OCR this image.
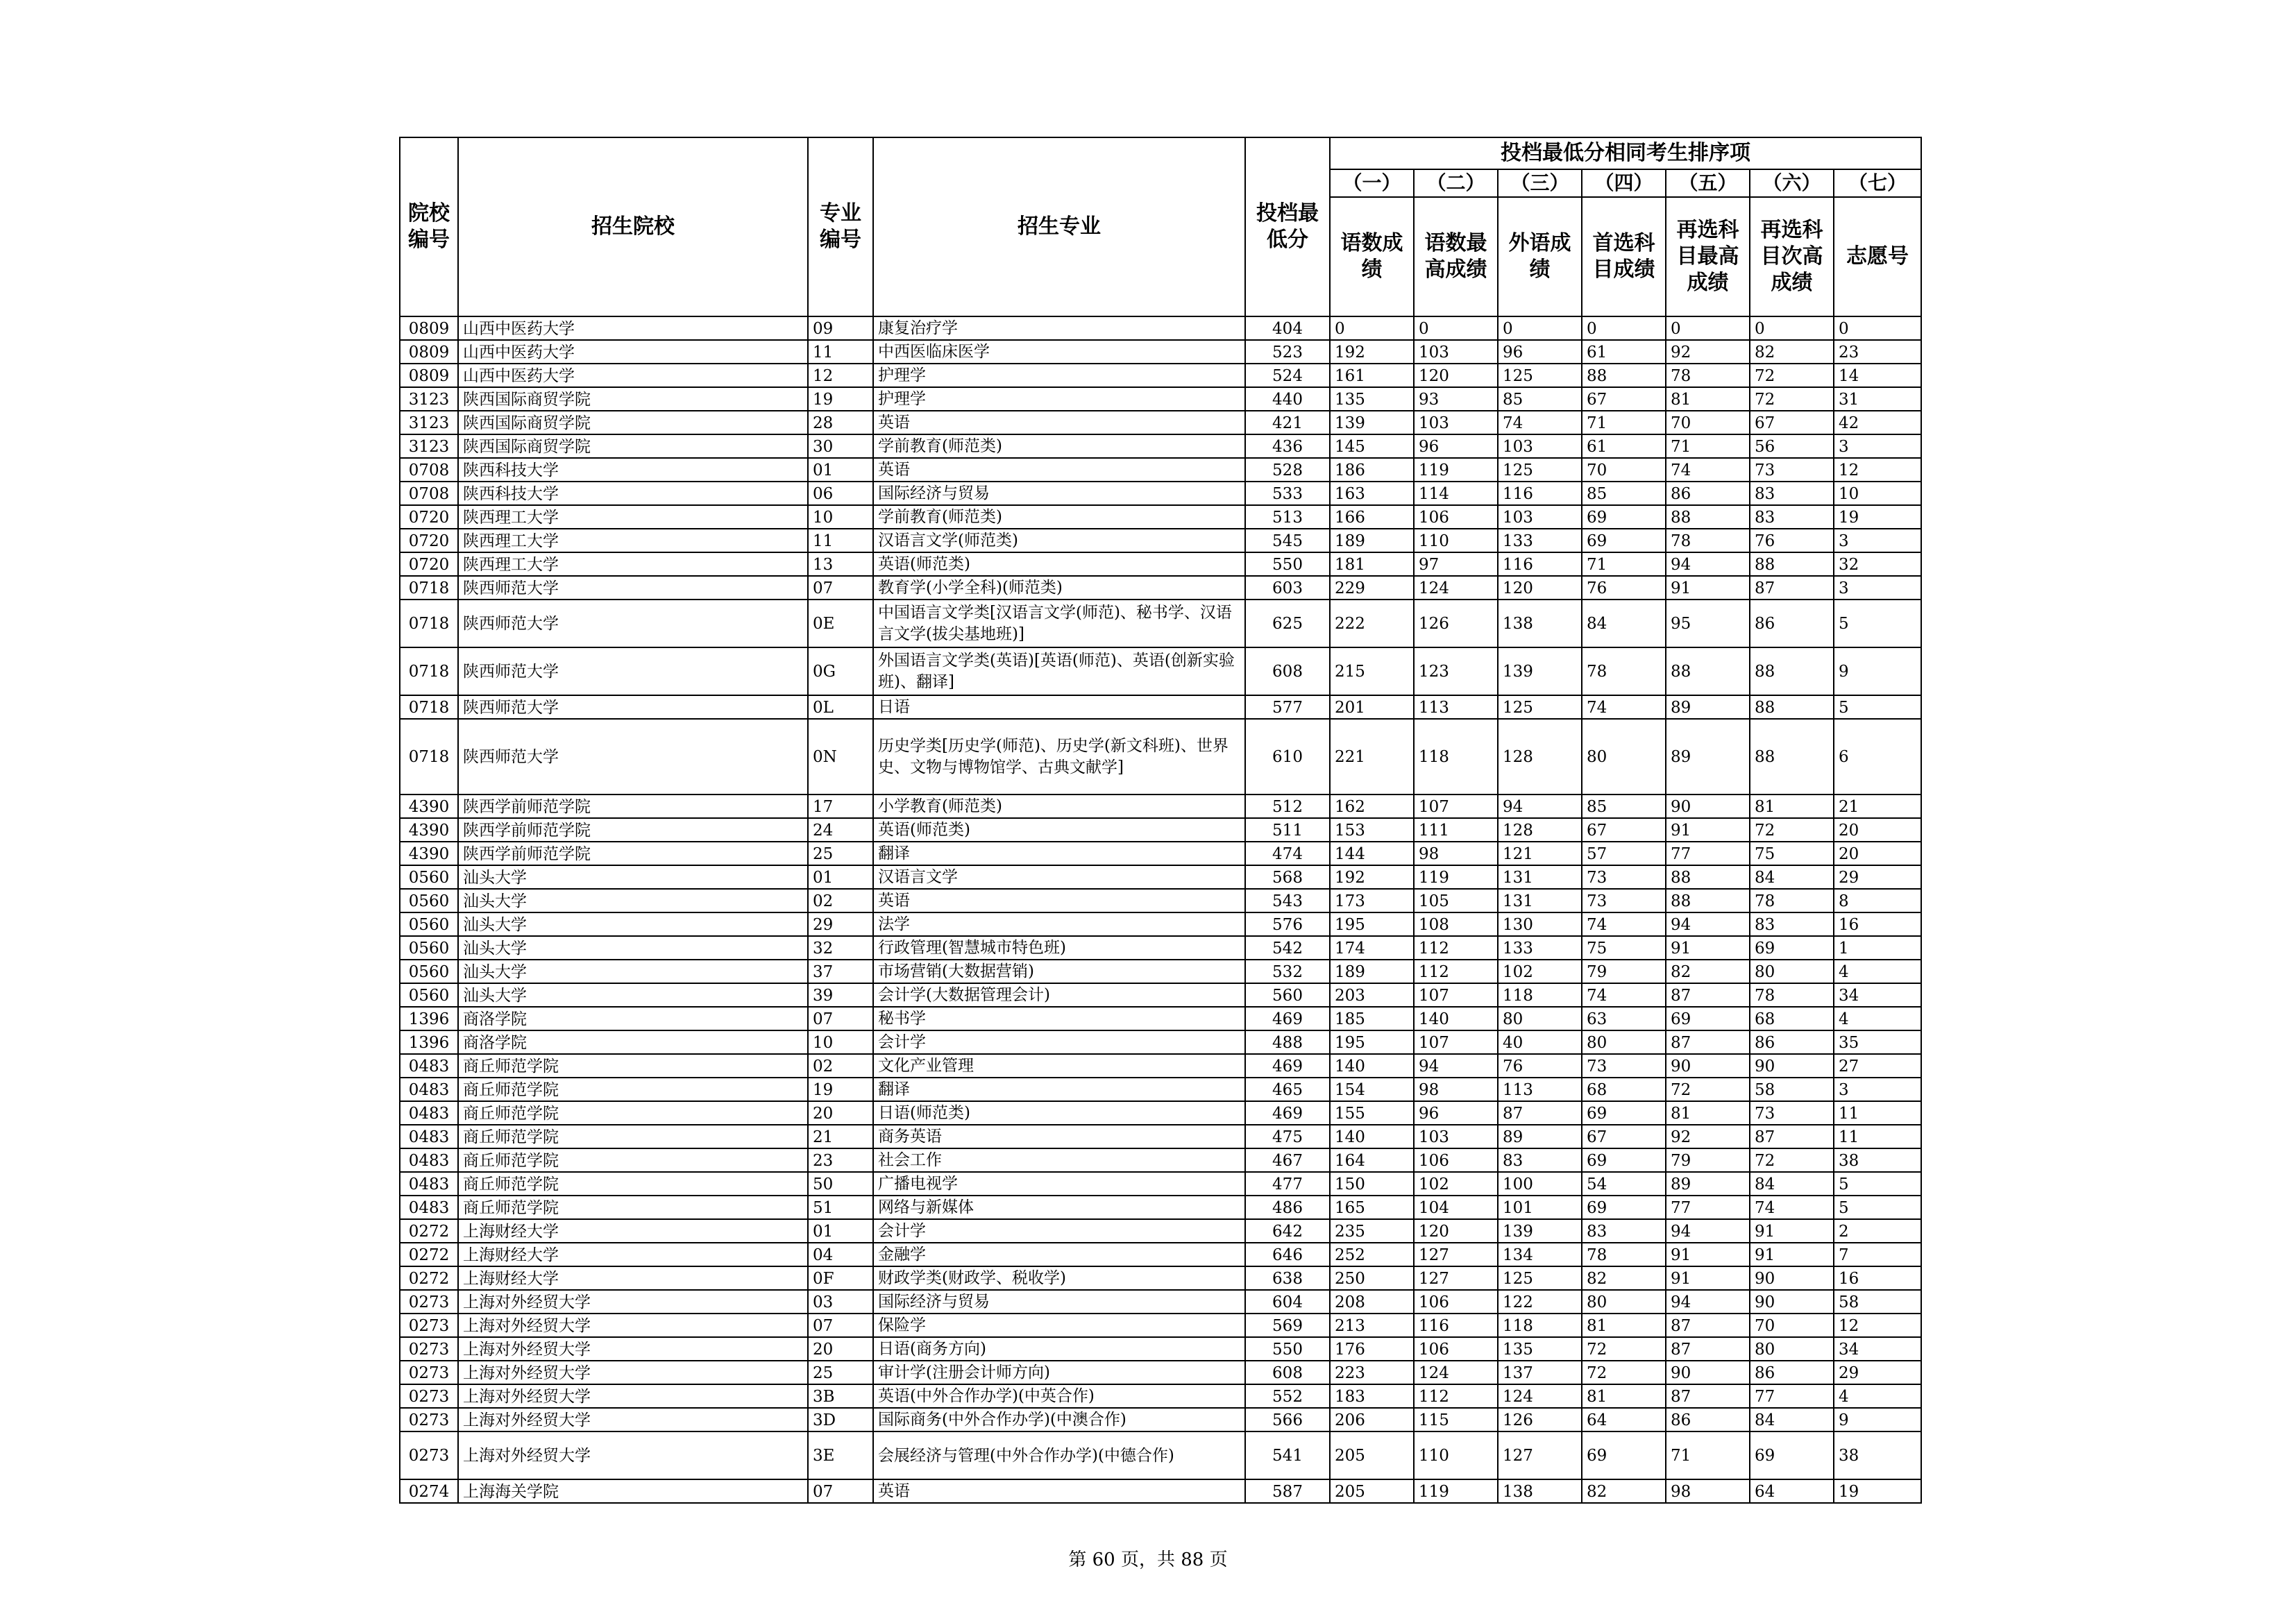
院校编号	招生院校	专业编号	招生专业	投档最低分	投档最低分相同考生排序项						
					（一）	（二）	（三）	（四）	（五）	（六）	（七）
					语数成绩	语数最高成绩	外语成绩	首选科目成绩	再选科目最高成绩	再选科目次高成绩	志愿号
0809	山西中医药大学	09	康复治疗学	404	0	0	0	0	0	0	0
0809	山西中医药大学	11	中西医临床医学	523	192	103	96	61	92	82	23
0809	山西中医药大学	12	护理学	524	161	120	125	88	78	72	14
3123	陕西国际商贸学院	19	护理学	440	135	93	85	67	81	72	31
3123	陕西国际商贸学院	28	英语	421	139	103	74	71	70	67	42
3123	陕西国际商贸学院	30	学前教育(师范类)	436	145	96	103	61	71	56	3
0708	陕西科技大学	01	英语	528	186	119	125	70	74	73	12
0708	陕西科技大学	06	国际经济与贸易	533	163	114	116	85	86	83	10
0720	陕西理工大学	10	学前教育(师范类)	513	166	106	103	69	88	83	19
0720	陕西理工大学	11	汉语言文学(师范类)	545	189	110	133	69	78	76	3
0720	陕西理工大学	13	英语(师范类)	550	181	97	116	71	94	88	32
0718	陕西师范大学	07	教育学(小学全科)(师范类)	603	229	124	120	76	91	87	3
0718	陕西师范大学	0E	中国语言文学类[汉语言文学(师范)、秘书学、汉语言文学(拔尖基地班)]	625	222	126	138	84	95	86	5
0718	陕西师范大学	0G	外国语言文学类(英语)[英语(师范)、英语(创新实验班)、翻译]	608	215	123	139	78	88	88	9
0718	陕西师范大学	0L	日语	577	201	113	125	74	89	88	5
0718	陕西师范大学	0N	历史学类[历史学(师范)、历史学(新文科班)、世界史、文物与博物馆学、古典文献学]	610	221	118	128	80	89	88	6
4390	陕西学前师范学院	17	小学教育(师范类)	512	162	107	94	85	90	81	21
4390	陕西学前师范学院	24	英语(师范类)	511	153	111	128	67	91	72	20
4390	陕西学前师范学院	25	翻译	474	144	98	121	57	77	75	20
0560	汕头大学	01	汉语言文学	568	192	119	131	73	88	84	29
0560	汕头大学	02	英语	543	173	105	131	73	88	78	8
0560	汕头大学	29	法学	576	195	108	130	74	94	83	16
0560	汕头大学	32	行政管理(智慧城市特色班)	542	174	112	133	75	91	69	1
0560	汕头大学	37	市场营销(大数据营销)	532	189	112	102	79	82	80	4
0560	汕头大学	39	会计学(大数据管理会计)	560	203	107	118	74	87	78	34
1396	商洛学院	07	秘书学	469	185	140	80	63	69	68	4
1396	商洛学院	10	会计学	488	195	107	40	80	87	86	35
0483	商丘师范学院	02	文化产业管理	469	140	94	76	73	90	90	27
0483	商丘师范学院	19	翻译	465	154	98	113	68	72	58	3
0483	商丘师范学院	20	日语(师范类)	469	155	96	87	69	81	73	11
0483	商丘师范学院	21	商务英语	475	140	103	89	67	92	87	11
0483	商丘师范学院	23	社会工作	467	164	106	83	69	79	72	38
0483	商丘师范学院	50	广播电视学	477	150	102	100	54	89	84	5
0483	商丘师范学院	51	网络与新媒体	486	165	104	101	69	77	74	5
0272	上海财经大学	01	会计学	642	235	120	139	83	94	91	2
0272	上海财经大学	04	金融学	646	252	127	134	78	91	91	7
0272	上海财经大学	0F	财政学类(财政学、税收学)	638	250	127	125	82	91	90	16
0273	上海对外经贸大学	03	国际经济与贸易	604	208	106	122	80	94	90	58
0273	上海对外经贸大学	07	保险学	569	213	116	118	81	87	70	12
0273	上海对外经贸大学	20	日语(商务方向)	550	176	106	135	72	87	80	34
0273	上海对外经贸大学	25	审计学(注册会计师方向)	608	223	124	137	72	90	86	29
0273	上海对外经贸大学	3B	英语(中外合作办学)(中英合作)	552	183	112	124	81	87	77	4
0273	上海对外经贸大学	3D	国际商务(中外合作办学)(中澳合作)	566	206	115	126	64	86	84	9
0273	上海对外经贸大学	3E	会展经济与管理(中外合作办学)(中德合作)	541	205	110	127	69	71	69	38
0274	上海海关学院	07	英语	587	205	119	138	82	98	64	19
第 60 页，共 88 页
